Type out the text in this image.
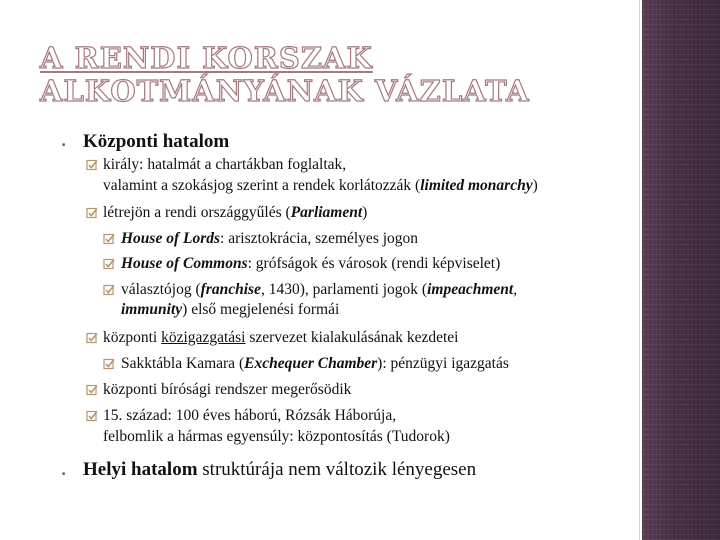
A RENDI KORSZAK
ALKOTMÁNYÁNAK VÁZLATA
■ Központi hatalom
király: hatalmát a chartákban foglaltak,
valamint a szokásjog szerint a rendek korlátozzák (limited monarchy)
létrejön a rendi országgyűlés (Parliament)
House of Lords: arisztokrácia, személyes jogon
House of Commons: grófságok és városok (rendi képviselet)
választójog (franchise, 1430), parlamenti jogok (impeachment,
immunity) első megjelenési formái
központi közigazgatási szervezet kialakulásának kezdetei
Sakktábla Kamara (Exchequer Chamber): pénzügyi igazgatás
központi bírósági rendszer megerősödik
15. század: 100 éves háború, Rózsák Háborúja,
felbomlik a hármas egyensúly: központosítás (Tudorok)
■ Helyi hatalom struktúrája nem változik lényegesen
